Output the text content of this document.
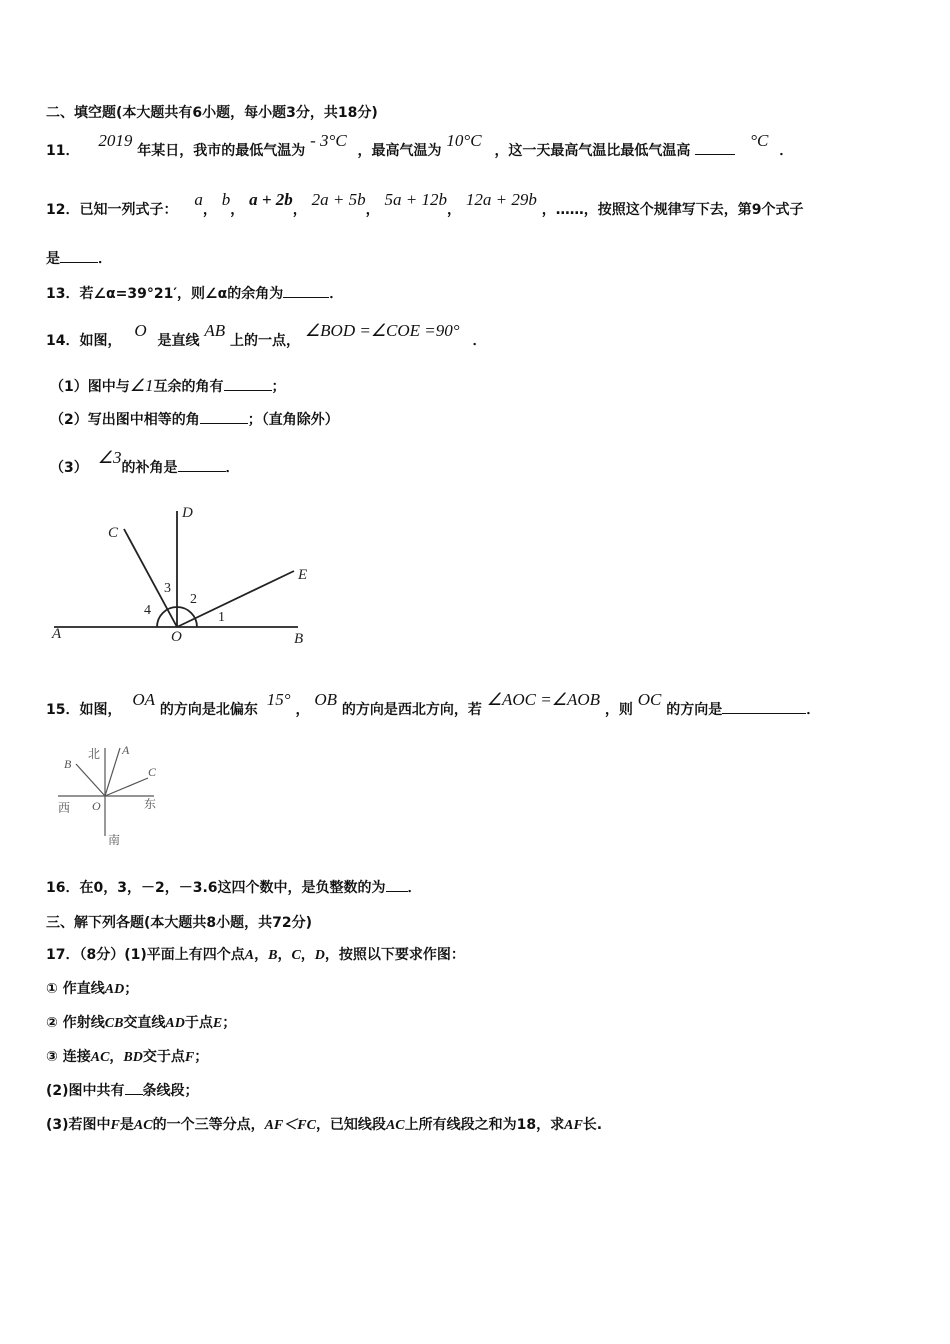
二、填空题(本大题共有6小题，每小题3分，共18分)
11． 2019 年某日，我市的最低气温为 - 3°C ，最高气温为 10°C ，这一天最高气温比最低气温高  °C ．
12．已知一列式子： a， b， a + 2b， 2a + 5b， 5a + 12b， 12a + 29b ，……，按照这个规律写下去，第9个式子
是	．
13．若∠α=39°21′，则∠α的余角为	．
14．如图， O 是直线 AB 上的一点， ∠BOD =∠COE =90° ．
（1）图中与∠1互余的角有	；
（2）写出图中相等的角	；（直角除外）
（3）∠3的补角是	．
A	B
C
D
E
O
1
2
3
4
15．如图， OA 的方向是北偏东 15° ， OB 的方向是西北方向，若 ∠AOC =∠AOB ，则 OC 的方向是	．
北
南
西	东
A
B
C
O
16．在0，3，－2，－3.6这四个数中，是负整数的为 ．
三、解下列各题(本大题共8小题，共72分)
17．（8分）(1)平面上有四个点A，B，C，D，按照以下要求作图：
① 作直线AD；
② 作射线CB交直线AD于点E；
③ 连接AC，BD交于点F；
(2)图中共有 条线段；
(3)若图中F是AC的一个三等分点，AF＜FC，已知线段AC上所有线段之和为18，求AF长.
